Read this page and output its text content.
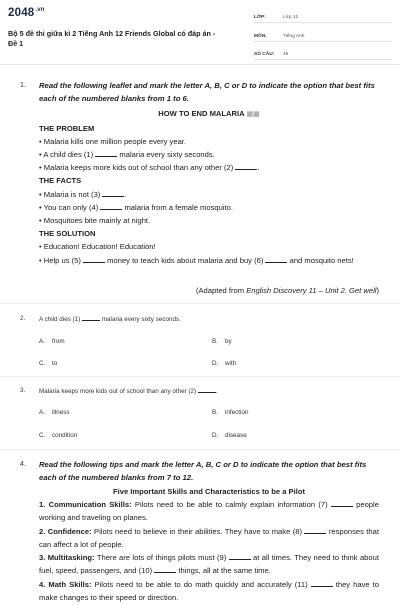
$2048^{.vn}$
Bộ 5 đề thi giữa kì 2 Tiếng Anh 12 Friends Global có đáp án - Đề 1
LỚP:	Lớp 12
MÔN:	Tiếng Anh
SỐ CÂU:	45
1. Read the following leaflet and mark the letter A, B, C or D to indicate the option that best fits each of the numbered blanks from 1 to 6.
HOW TO END MALARIA ▦▦
THE PROBLEM
• Malaria kills one million people every year.
• A child dies (1)	malaria every sixty seconds.
• Malaria keeps more kids out of school than any other (2)	.
THE FACTS
• Malaria is not (3)	.
• You can only (4)	malaria from a female mosquito.
• Mosquitoes bite mainly at night.
THE SOLUTION
• Education! Education! Education!
• Help us (5)	money to teach kids about malaria and buy (6)	and mosquito nets!
(Adapted from English Discovery 11 – Unit 2. Get well)
2. A child dies (1)	malaria every sixty seconds.
A. from	B. by
C. to	D. with
3. Malaria keeps more kids out of school than any other (2)	.
A. illness	B. infection
C. condition	D. disease
4. Read the following tips and mark the letter A, B, C or D to indicate the option that best fits each of the numbered blanks from 7 to 12.
Five Important Skills and Characteristics to be a Pilot
1. Communication Skills: Pilots need to be able to calmly explain information (7)	people working and traveling on planes.
2. Confidence: Pilots need to believe in their abilities. They have to make (8)	responses that can affect a lot of people.
3. Multitasking: There are lots of things pilots must (9)	at all times. They need to think about fuel, speed, passengers, and (10)	things, all at the same time.
4. Math Skills: Pilots need to be able to do math quickly and accurately (11)	they have to make changes to their speed or direction.
